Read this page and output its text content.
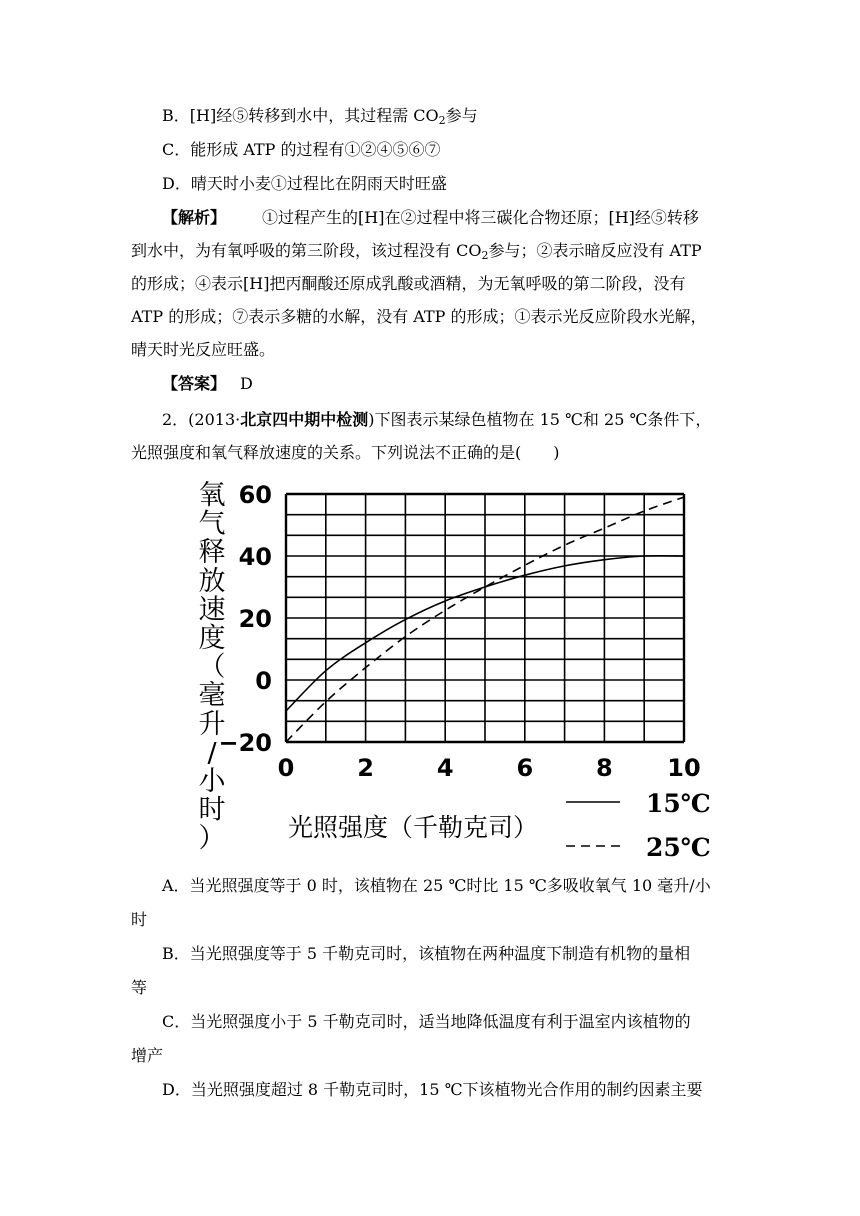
B．[H]经⑤转移到水中，其过程需 $CO_2$参与
C．能形成 ATP 的过程有①②④⑤⑥⑦
D．晴天时小麦①过程比在阴雨天时旺盛
【解析】 ①过程产生的[H]在②过程中将三碳化合物还原；[H]经⑤转移
到水中，为有氧呼吸的第三阶段，该过程没有 $CO_2$参与；②表示暗反应没有 ATP
的形成；④表示[H]把丙酮酸还原成乳酸或酒精，为无氧呼吸的第二阶段，没有
ATP 的形成；⑦表示多糖的水解，没有 ATP 的形成；①表示光反应阶段水光解，
晴天时光反应旺盛。
【答案】 D
2．(2013·北京四中期中检测)下图表示某绿色植物在 15 ℃和 25 ℃条件下，
光照强度和氧气释放速度的关系。下列说法不正确的是(　　)
氧
气
释
放
速
度
（
毫
升
/
小
时
）
60
40
20
0
−20
0	2	4	6	8 10
光照强度（千勒克司）
15℃
25℃
A．当光照强度等于 0 时，该植物在 25 ℃时比 15 ℃多吸收氧气 10 毫升/小
时
B．当光照强度等于 5 千勒克司时，该植物在两种温度下制造有机物的量相
等
C．当光照强度小于 5 千勒克司时，适当地降低温度有利于温室内该植物的
增产
D．当光照强度超过 8 千勒克司时，15 ℃下该植物光合作用的制约因素主要
